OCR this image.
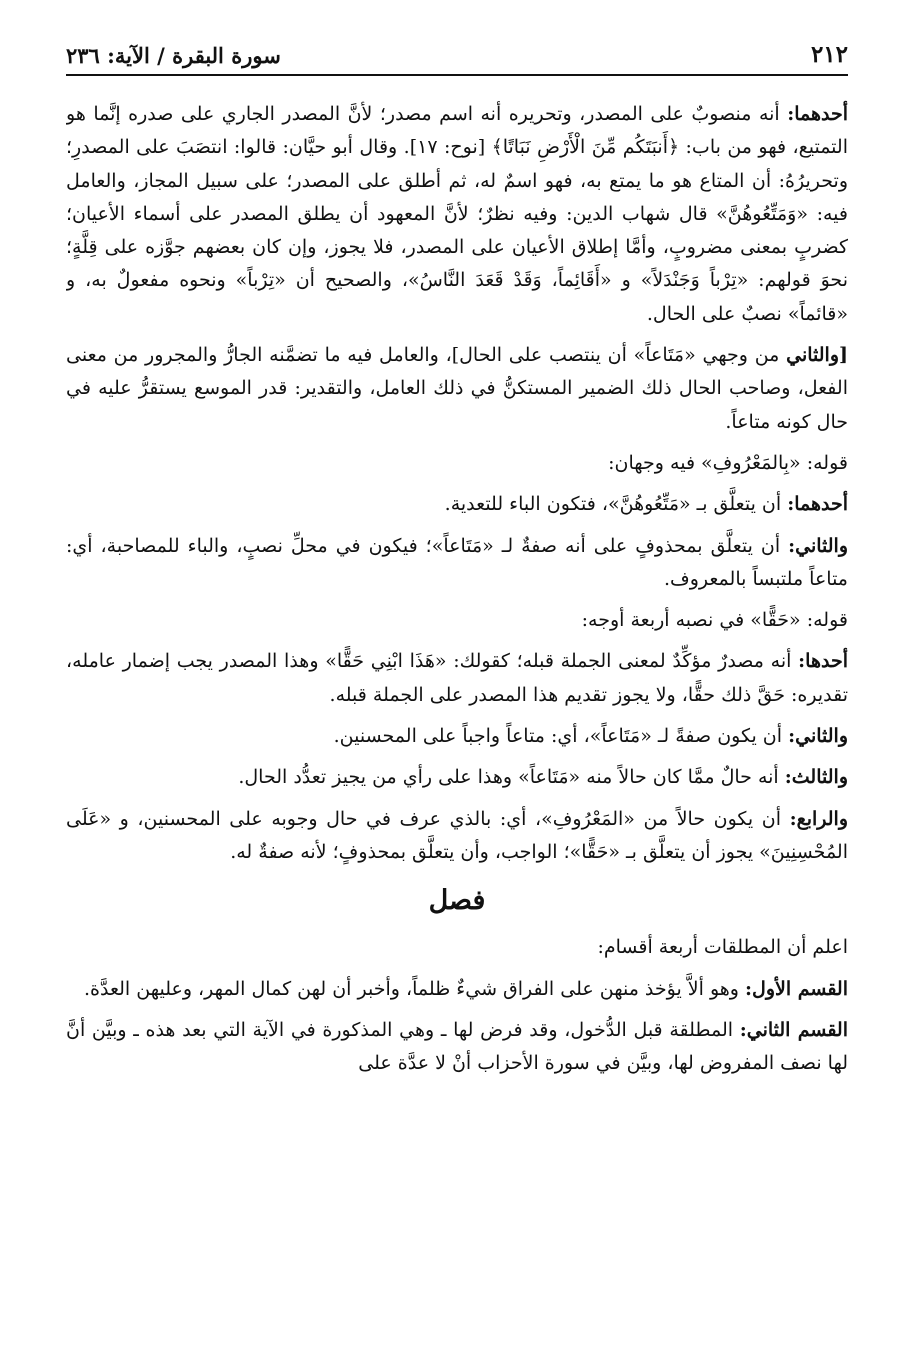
٢١٢
سورة البقرة / الآية: ٢٣٦

أحدهما: أنه منصوبٌ على المصدر، وتحريره أنه اسم مصدر؛ لأنَّ المصدر الجاري على صدره إنَّما هو التمتيع، فهو من باب: ﴿أَنبَتَكُم مِّنَ الْأَرْضِ نَبَاتًا﴾ [نوح: ١٧]. وقال أبو حيَّان: قالوا: انتصَبَ على المصدرِ؛ وتحريرُهُ: أن المتاع هو ما يمتع به، فهو اسمٌ له، ثم أطلق على المصدر؛ على سبيل المجاز، والعامل فيه: «وَمَتِّعُوهُنَّ» قال شهاب الدين: وفيه نظرٌ؛ لأنَّ المعهود أن يطلق المصدر على أسماء الأعيان؛ كضربٍ بمعنى مضروبٍ، وأمَّا إطلاق الأعيان على المصدر، فلا يجوز، وإن كان بعضهم جوَّزه على قِلَّةٍ؛ نحوَ قولهم: «تِرْباً وَجَنْدَلاً» و «أَقَائِماً، وَقَدْ قَعَدَ النَّاسُ»، والصحيح أن «تِرْباً» ونحوه مفعولٌ به، و «قائماً» نصبٌ على الحال.

[والثاني من وجهي «مَتَاعاً» أن ينتصب على الحال]، والعامل فيه ما تضمَّنه الجارُّ والمجرور من معنى الفعل، وصاحب الحال ذلك الضمير المستكنُّ في ذلك العامل، والتقدير: قدر الموسع يستقرُّ عليه في حال كونه متاعاً.

قوله: «بِالمَعْرُوفِ» فيه وجهان:

أحدهما: أن يتعلَّق بـ «مَتِّعُوهُنَّ»، فتكون الباء للتعدية.

والثاني: أن يتعلَّق بمحذوفٍ على أنه صفةٌ لـ «مَتَاعاً»؛ فيكون في محلِّ نصبٍ، والباء للمصاحبة، أي: متاعاً ملتبساً بالمعروف.

قوله: «حَقًّا» في نصبه أربعة أوجه:

أحدها: أنه مصدرٌ مؤكِّدٌ لمعنى الجملة قبله؛ كقولك: «هَذَا ابْنِي حَقًّا» وهذا المصدر يجب إضمار عامله، تقديره: حَقَّ ذلك حقًّا، ولا يجوز تقديم هذا المصدر على الجملة قبله.

والثاني: أن يكون صفةً لـ «مَتَاعاً»، أي: متاعاً واجباً على المحسنين.

والثالث: أنه حالٌ ممَّا كان حالاً منه «مَتَاعاً» وهذا على رأي من يجيز تعدُّد الحال.

والرابع: أن يكون حالاً من «المَعْرُوفِ»، أي: بالذي عرف في حال وجوبه على المحسنين، و «عَلَى المُحْسِنِينَ» يجوز أن يتعلَّق بـ «حَقًّا»؛ الواجب، وأن يتعلَّق بمحذوفٍ؛ لأنه صفةٌ له.

فصل

اعلم أن المطلقات أربعة أقسام:

القسم الأول: وهو ألاَّ يؤخذ منهن على الفراق شيءٌ ظلماً، وأخبر أن لهن كمال المهر، وعليهن العدَّة.

القسم الثاني: المطلقة قبل الدُّخول، وقد فرض لها ـ وهي المذكورة في الآية التي بعد هذه ـ وبيَّن أنَّ لها نصف المفروض لها، وبيَّن في سورة الأحزاب أنْ لا عدَّة على
